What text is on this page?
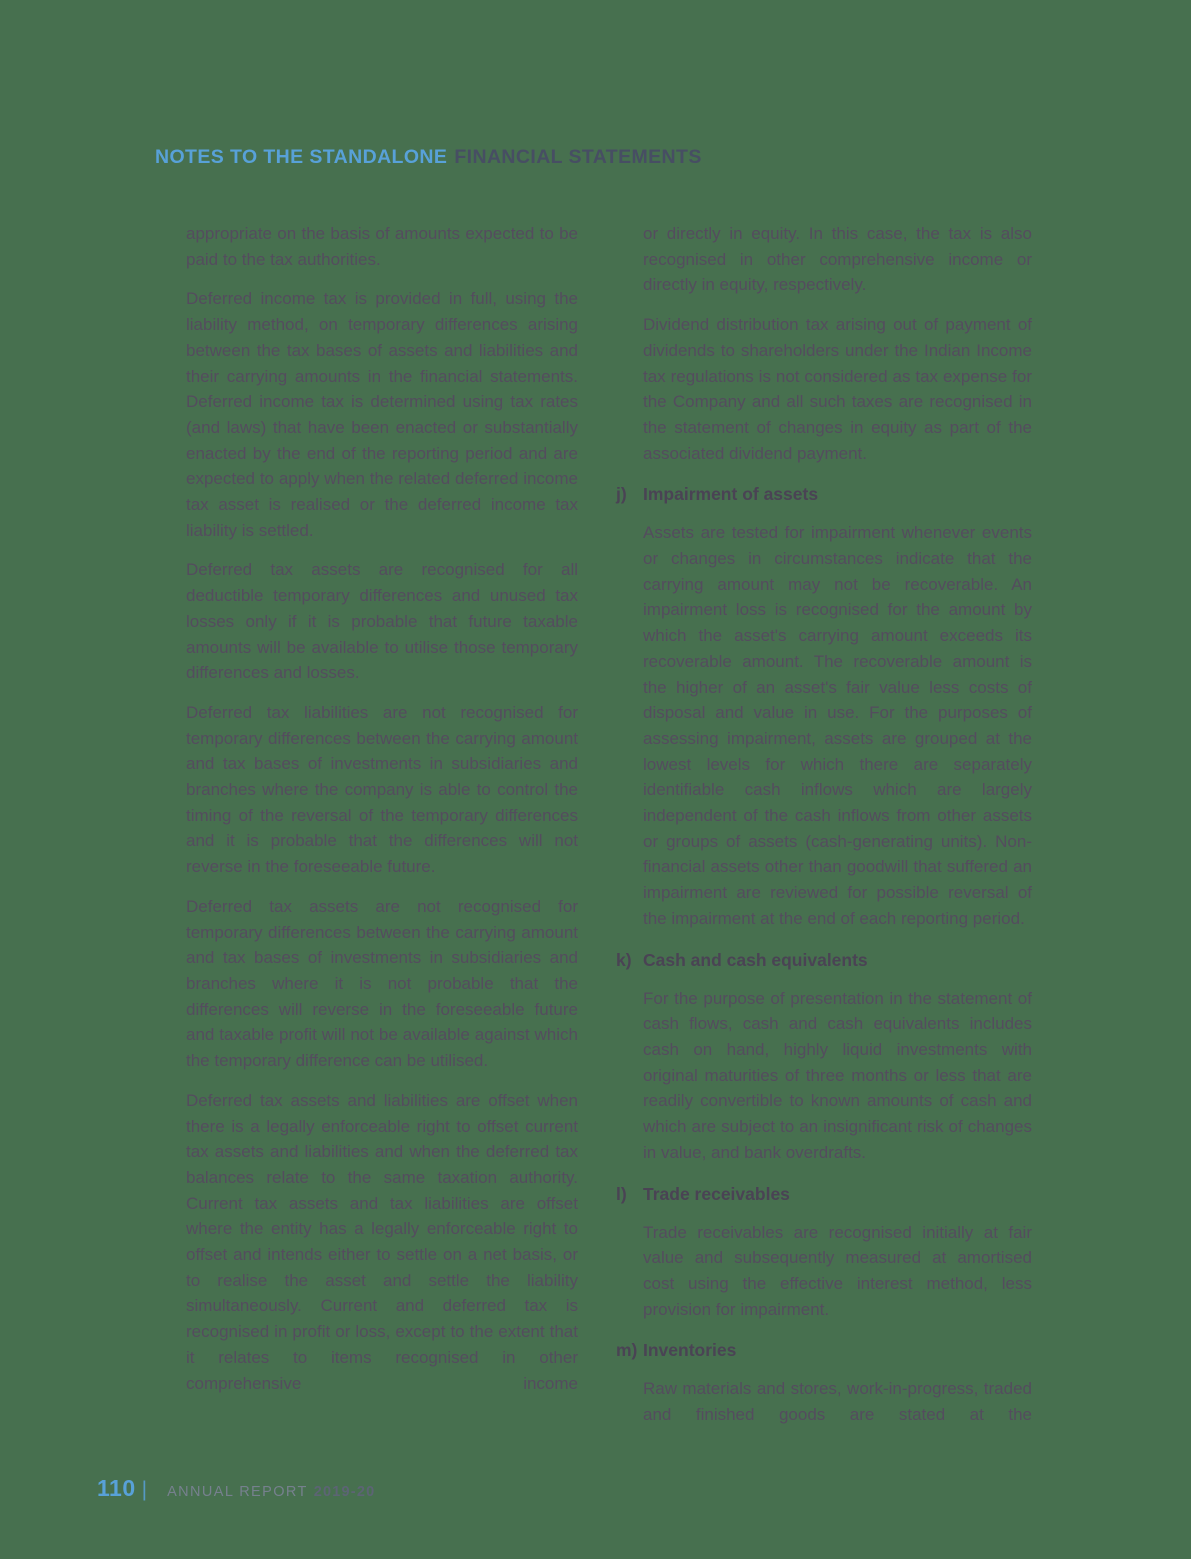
NOTES TO THE STANDALONE FINANCIAL STATEMENTS

appropriate on the basis of amounts expected to be paid to the tax authorities.

Deferred income tax is provided in full, using the liability method, on temporary differences arising between the tax bases of assets and liabilities and their carrying amounts in the financial statements. Deferred income tax is determined using tax rates (and laws) that have been enacted or substantially enacted by the end of the reporting period and are expected to apply when the related deferred income tax asset is realised or the deferred income tax liability is settled.

Deferred tax assets are recognised for all deductible temporary differences and unused tax losses only if it is probable that future taxable amounts will be available to utilise those temporary differences and losses.

Deferred tax liabilities are not recognised for temporary differences between the carrying amount and tax bases of investments in subsidiaries and branches where the company is able to control the timing of the reversal of the temporary differences and it is probable that the differences will not reverse in the foreseeable future.

Deferred tax assets are not recognised for temporary differences between the carrying amount and tax bases of investments in subsidiaries and branches where it is not probable that the differences will reverse in the foreseeable future and taxable profit will not be available against which the temporary difference can be utilised.

Deferred tax assets and liabilities are offset when there is a legally enforceable right to offset current tax assets and liabilities and when the deferred tax balances relate to the same taxation authority. Current tax assets and tax liabilities are offset where the entity has a legally enforceable right to offset and intends either to settle on a net basis, or to realise the asset and settle the liability simultaneously. Current and deferred tax is recognised in profit or loss, except to the extent that it relates to items recognised in other comprehensive income

or directly in equity. In this case, the tax is also recognised in other comprehensive income or directly in equity, respectively.

Dividend distribution tax arising out of payment of dividends to shareholders under the Indian Income tax regulations is not considered as tax expense for the Company and all such taxes are recognised in the statement of changes in equity as part of the associated dividend payment.

j) Impairment of assets

Assets are tested for impairment whenever events or changes in circumstances indicate that the carrying amount may not be recoverable. An impairment loss is recognised for the amount by which the asset's carrying amount exceeds its recoverable amount. The recoverable amount is the higher of an asset's fair value less costs of disposal and value in use. For the purposes of assessing impairment, assets are grouped at the lowest levels for which there are separately identifiable cash inflows which are largely independent of the cash inflows from other assets or groups of assets (cash-generating units). Non-financial assets other than goodwill that suffered an impairment are reviewed for possible reversal of the impairment at the end of each reporting period.

k) Cash and cash equivalents

For the purpose of presentation in the statement of cash flows, cash and cash equivalents includes cash on hand, highly liquid investments with original maturities of three months or less that are readily convertible to known amounts of cash and which are subject to an insignificant risk of changes in value, and bank overdrafts.

l) Trade receivables

Trade receivables are recognised initially at fair value and subsequently measured at amortised cost using the effective interest method, less provision for impairment.

m) Inventories

Raw materials and stores, work-in-progress, traded and finished goods are stated at the

110 | ANNUAL REPORT 2019-20
